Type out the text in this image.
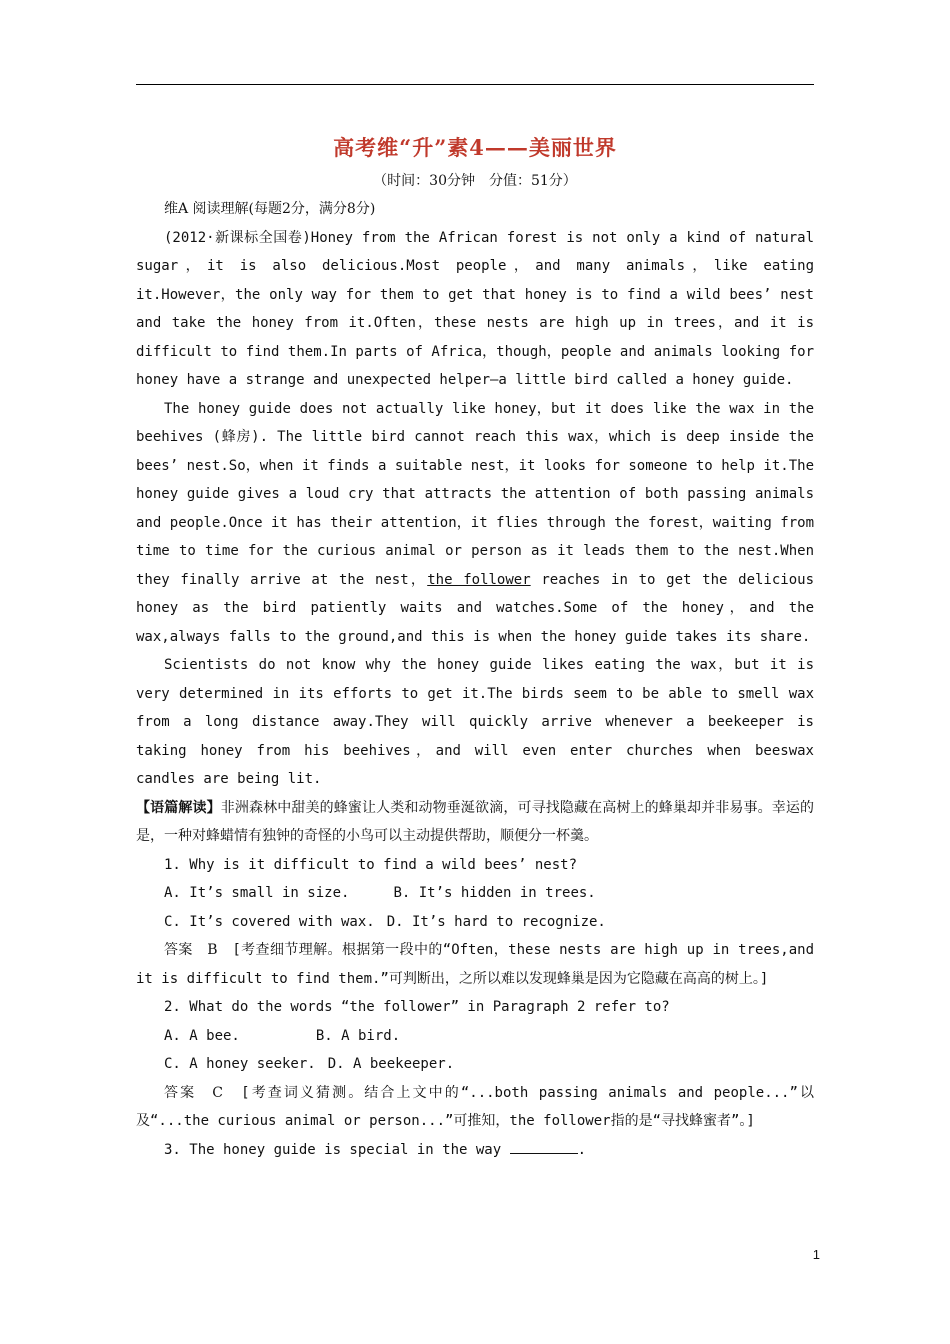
高考维“升”素4——美丽世界
（时间：30分钟　分值：51分）

维A 阅读理解(每题2分，满分8分)

(2012·新课标全国卷)Honey from the African forest is not only a kind of natural sugar，it is also delicious.Most people，and many animals，like eating it.However，the only way for them to get that honey is to find a wild bees’ nest and take the honey from it.Often，these nests are high up in trees，and it is difficult to find them.In parts of Africa，though，people and animals looking for honey have a strange and unexpected helper—a little bird called a honey guide.

The honey guide does not actually like honey，but it does like the wax in the beehives (蜂房). The little bird cannot reach this wax，which is deep inside the bees’ nest.So，when it finds a suitable nest，it looks for someone to help it.The honey guide gives a loud cry that attracts the attention of both passing animals and people.Once it has their attention，it flies through the forest，waiting from time to time for the curious animal or person as it leads them to the nest.When they finally arrive at the nest，the follower reaches in to get the delicious honey as the bird patiently waits and watches.Some of the honey，and the wax,always falls to the ground,and this is when the honey guide takes its share.

Scientists do not know why the honey guide likes eating the wax，but it is very determined in its efforts to get it.The birds seem to be able to smell wax from a long distance away.They will quickly arrive whenever a beekeeper is taking honey from his beehives，and will even enter churches when beeswax candles are being lit.

【语篇解读】非洲森林中甜美的蜂蜜让人类和动物垂涎欲滴，可寻找隐藏在高树上的蜂巢却并非易事。幸运的是，一种对蜂蜡情有独钟的奇怪的小鸟可以主动提供帮助，顺便分一杯羹。

1. Why is it difficult to find a wild bees’ nest?

A. It’s small in size.	B. It’s hidden in trees.

C. It’s covered with wax. D. It’s hard to recognize.

答案　B　 [考查细节理解。根据第一段中的“Often，these nests are high up in trees,and it is difficult to find them.”可判断出，之所以难以发现蜂巢是因为它隐藏在高高的树上。]

2. What do the words “the follower” in Paragraph 2 refer to?

A. A bee.	B. A bird.

C. A honey seeker. D. A beekeeper.

答案　C　 [考查词义猜测。结合上文中的“...both passing animals and people...”以及“...the curious animal or person...”可推知，the follower指的是“寻找蜂蜜者”。]

3. The honey guide is special in the way	.

1
